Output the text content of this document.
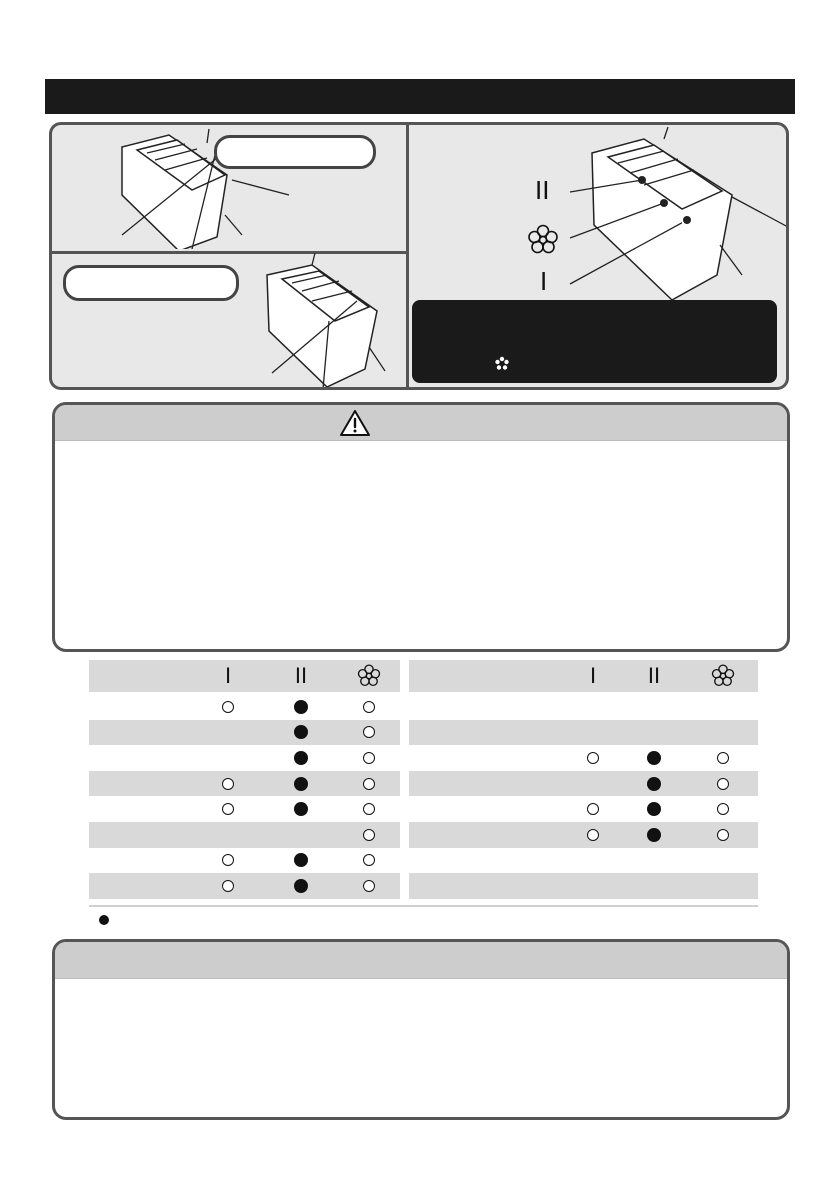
II
I
I	II	I II
